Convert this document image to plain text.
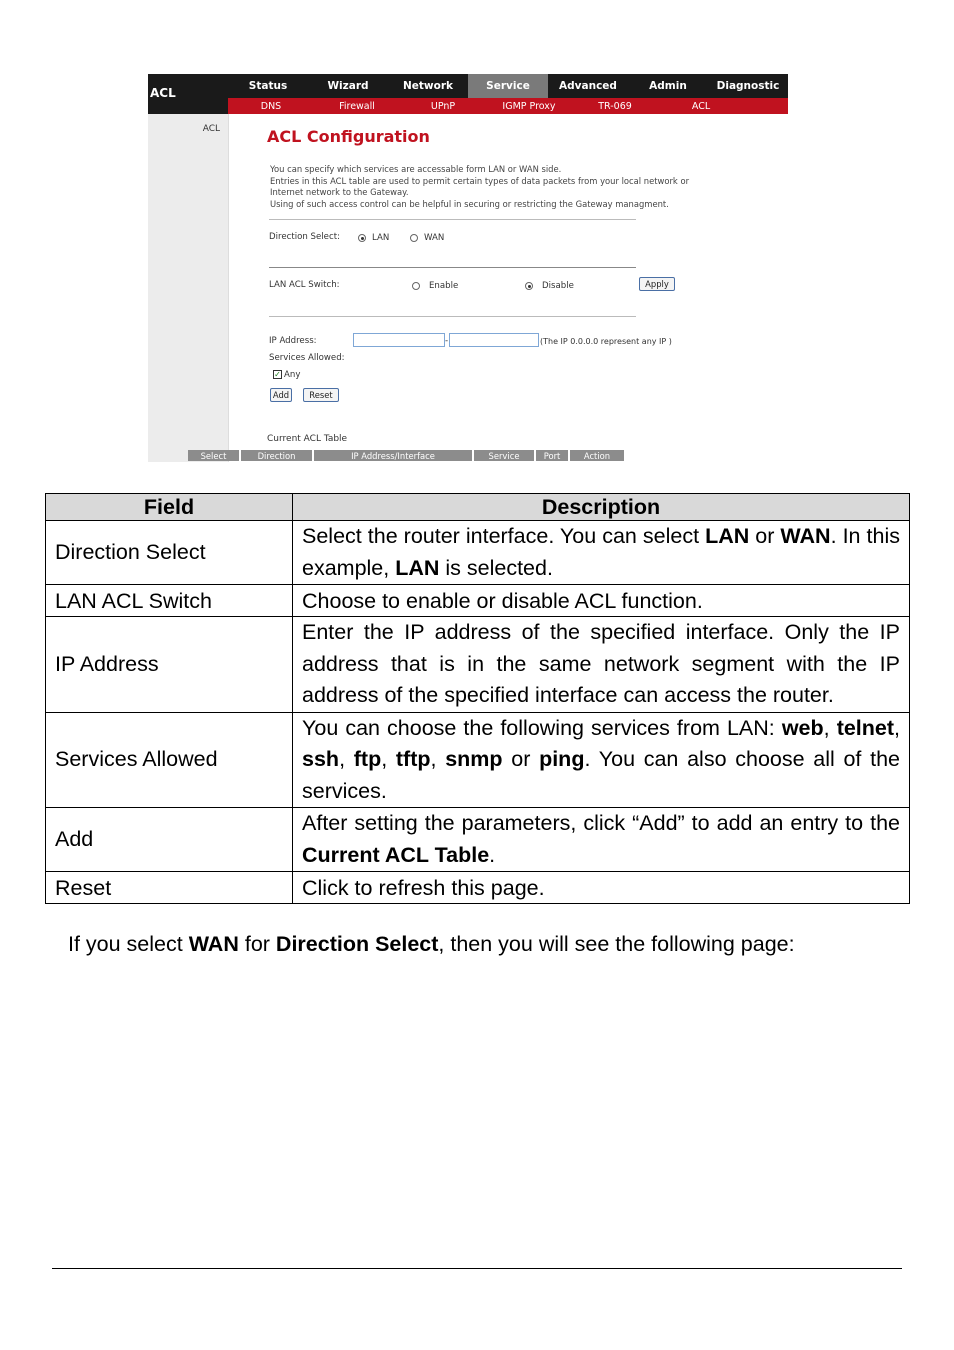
ACL	Status	Wizard	Network	Service	Advanced	Admin	Diagnostic
DNS	Firewall	UPnP	IGMP Proxy	TR-069	ACL
ACL	ACL Configuration
You can specify which services are accessable form LAN or WAN side.
Entries in this ACL table are used to permit certain types of data packets from your local network or
Internet network to the Gateway.
Using of such access control can be helpful in securing or restricting the Gateway managment.
Direction Select:	LAN	WAN
LAN ACL Switch:	Enable	Disable	Apply
IP Address:	-	(The IP 0.0.0.0 represent any IP )
Services Allowed:
✓ Any
Add	Reset
Current ACL Table
Select	Direction	IP Address/Interface	Service	Port	Action
Field	Description
Direction Select	Select the router interface. You can select LAN or WAN. In this example, LAN is selected.
LAN ACL Switch	Choose to enable or disable ACL function.
IP Address	Enter the IP address of the specified interface. Only the IP address that is in the same network segment with the IP address of the specified interface can access the router.
Services Allowed	You can choose the following services from LAN: web, telnet, ssh, ftp, tftp, snmp or ping. You can also choose all of the services.
Add	After setting the parameters, click “Add” to add an entry to the Current ACL Table.
Reset	Click to refresh this page.
If you select WAN for Direction Select, then you will see the following page:
